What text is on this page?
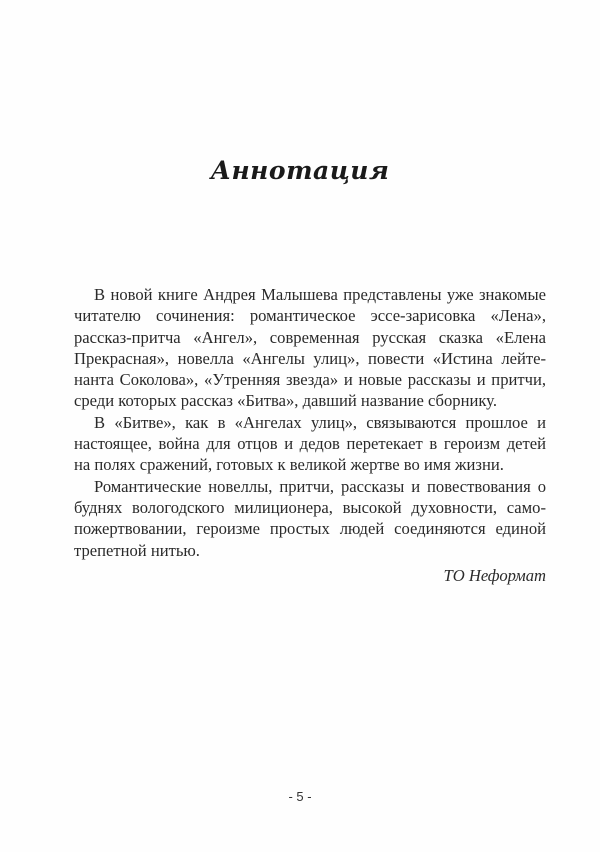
Аннотация
В новой книге Андрея Малышева представлены уже знакомые
читателю сочинения: романтическое эссе-зарисовка «Лена»,
рассказ-притча «Ангел», современная русская сказка «Елена
Прекрасная», новелла «Ангелы улиц», повести «Истина лейте-
нанта Соколова», «Утренняя звезда» и новые рассказы и притчи,
среди которых рассказ «Битва», давший название сборнику.
В «Битве», как в «Ангелах улиц», связываются прошлое и
настоящее, война для отцов и дедов перетекает в героизм детей
на полях сражений, готовых к великой жертве во имя жизни.
Романтические новеллы, притчи, рассказы и повествования о
буднях вологодского милиционера, высокой духовности, само-
пожертвовании, героизме простых людей соединяются единой
трепетной нитью.
ТО Неформат
- 5 -
